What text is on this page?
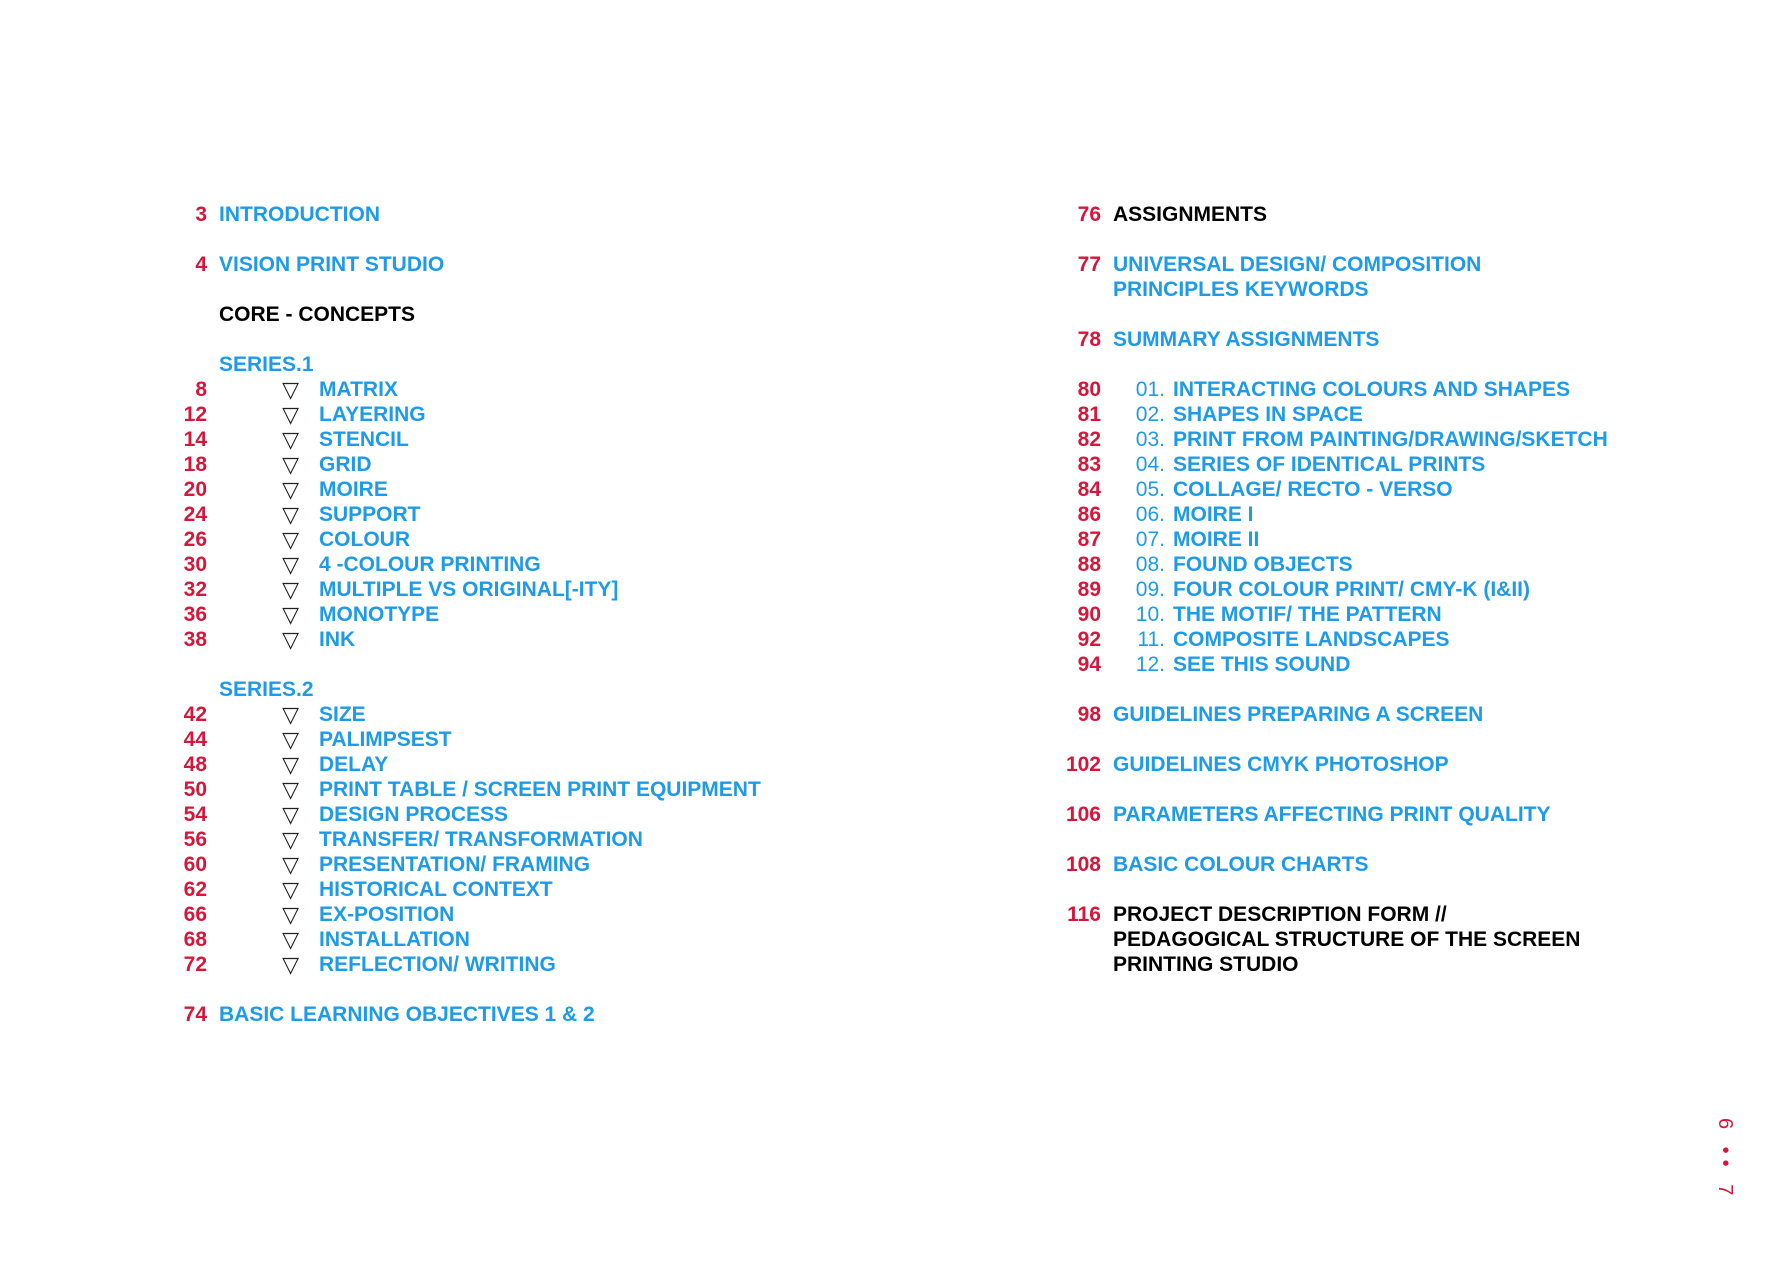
3 INTRODUCTION
4 VISION PRINT STUDIO
CORE - CONCEPTS
SERIES.1
8	▽ MATRIX
12	▽ LAYERING
14	▽ STENCIL
18	▽ GRID
20	▽ MOIRE
24	▽ SUPPORT
26	▽ COLOUR
30	▽ 4 -COLOUR PRINTING
32	▽ MULTIPLE VS ORIGINAL[-ITY]
36	▽ MONOTYPE
38	▽ INK
SERIES.2
42	▽ SIZE
44	▽ PALIMPSEST
48	▽ DELAY
50	▽ PRINT TABLE / SCREEN PRINT EQUIPMENT
54	▽ DESIGN PROCESS
56	▽ TRANSFER/ TRANSFORMATION
60	▽ PRESENTATION/ FRAMING
62	▽ HISTORICAL CONTEXT
66	▽ EX-POSITION
68	▽ INSTALLATION
72	▽ REFLECTION/ WRITING
74 BASIC LEARNING OBJECTIVES 1 & 2
76 ASSIGNMENTS
77 UNIVERSAL DESIGN/ COMPOSITION PRINCIPLES KEYWORDS
78 SUMMARY ASSIGNMENTS
80	01. INTERACTING COLOURS AND SHAPES
81	02. SHAPES IN SPACE
82	03. PRINT FROM PAINTING/DRAWING/SKETCH
83	04. SERIES OF IDENTICAL PRINTS
84	05. COLLAGE/ RECTO - VERSO
86	06. MOIRE I
87	07. MOIRE II
88	08. FOUND OBJECTS
89	09. FOUR COLOUR PRINT/ CMY-K (I&II)
90	10. THE MOTIF/ THE PATTERN
92	11. COMPOSITE LANDSCAPES
94	12. SEE THIS SOUND
98 GUIDELINES PREPARING A SCREEN
102 GUIDELINES CMYK PHOTOSHOP
106 PARAMETERS AFFECTING PRINT QUALITY
108 BASIC COLOUR CHARTS
116 PROJECT DESCRIPTION FORM // PEDAGOGICAL STRUCTURE OF THE SCREEN PRINTING STUDIO
6 •• 7
